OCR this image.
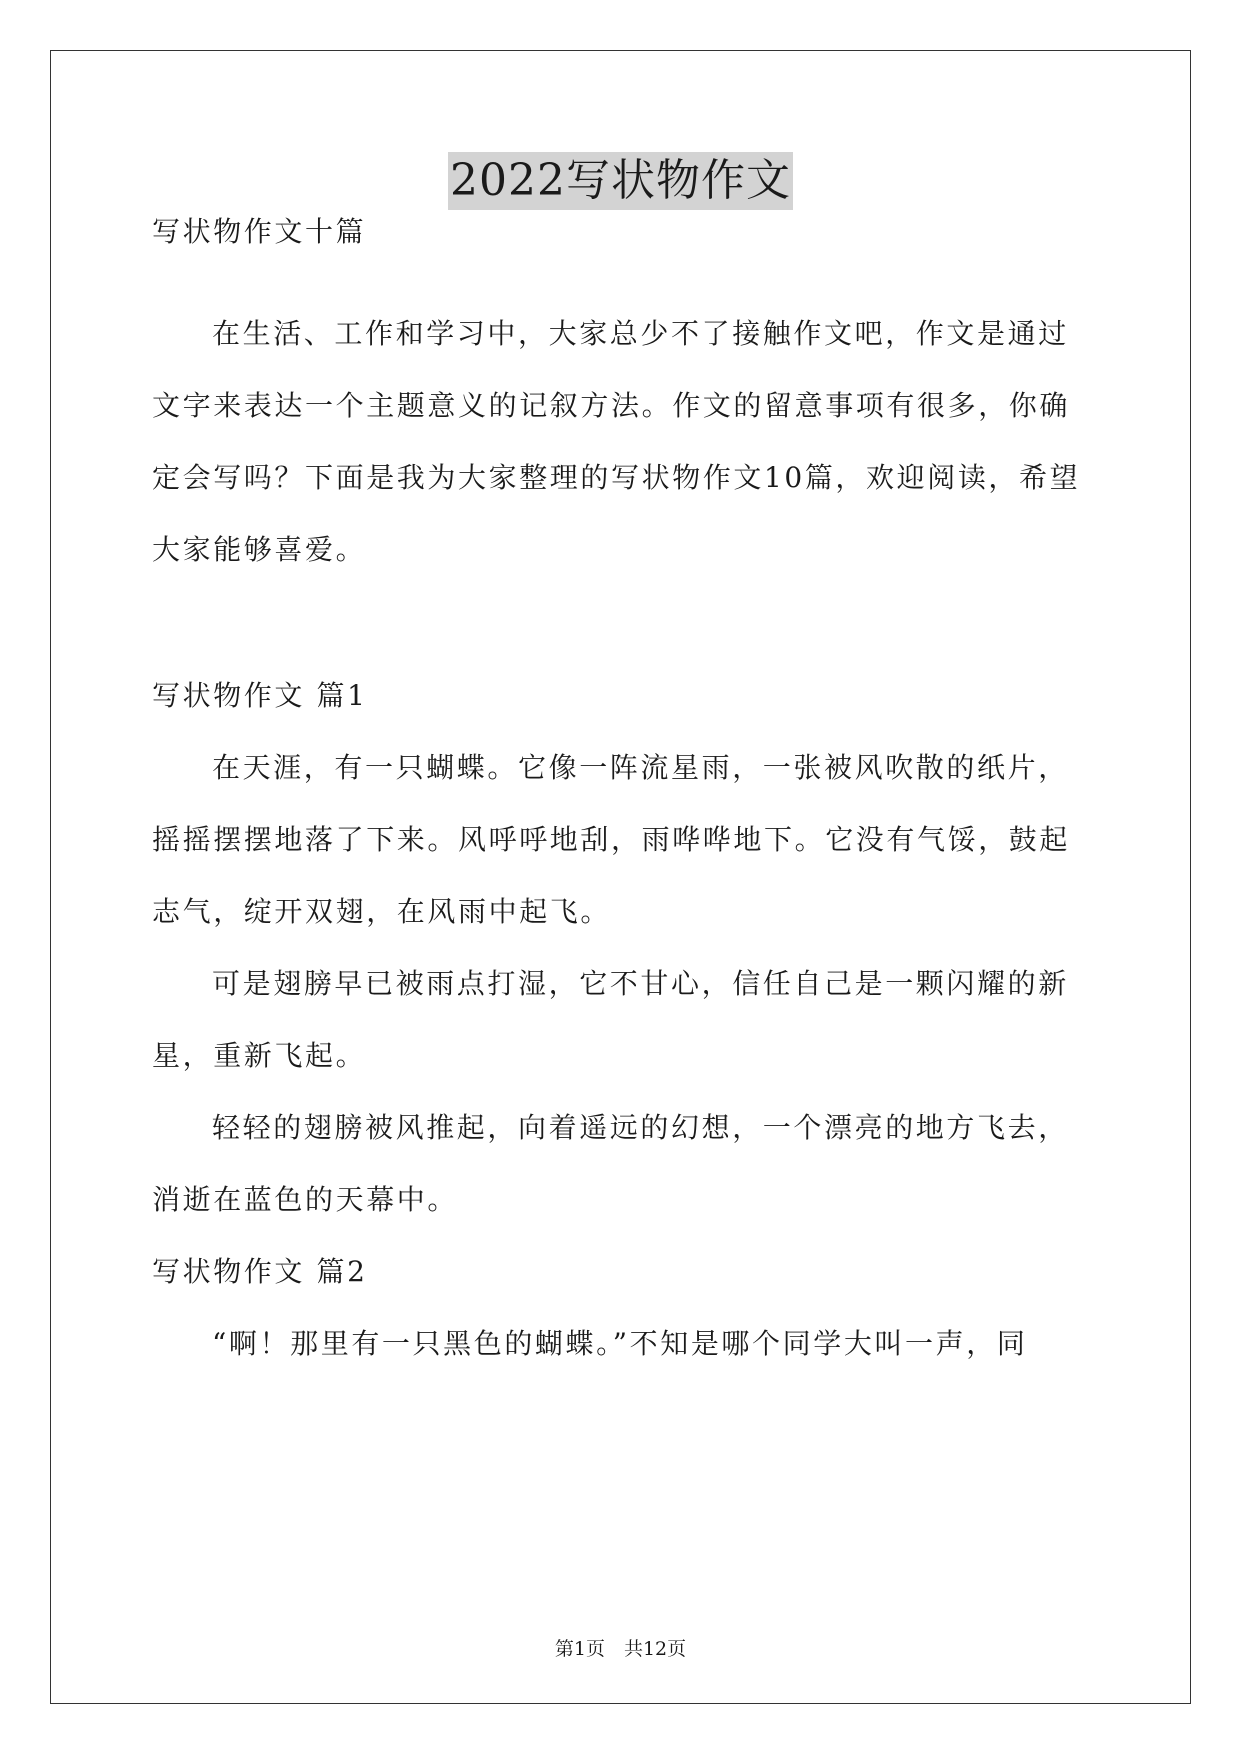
2022写状物作文
写状物作文十篇
在生活、工作和学习中，大家总少不了接触作文吧，作文是通过
文字来表达一个主题意义的记叙方法。作文的留意事项有很多，你确
定会写吗？下面是我为大家整理的写状物作文10篇，欢迎阅读，希望
大家能够喜爱。
写状物作文 篇1
在天涯，有一只蝴蝶。它像一阵流星雨，一张被风吹散的纸片，
摇摇摆摆地落了下来。风呼呼地刮，雨哗哗地下。它没有气馁，鼓起
志气，绽开双翅，在风雨中起飞。
可是翅膀早已被雨点打湿，它不甘心，信任自己是一颗闪耀的新
星，重新飞起。
轻轻的翅膀被风推起，向着遥远的幻想，一个漂亮的地方飞去，
消逝在蓝色的天幕中。
写状物作文 篇2
“啊！那里有一只黑色的蝴蝶。”不知是哪个同学大叫一声，同
第1页　共12页
